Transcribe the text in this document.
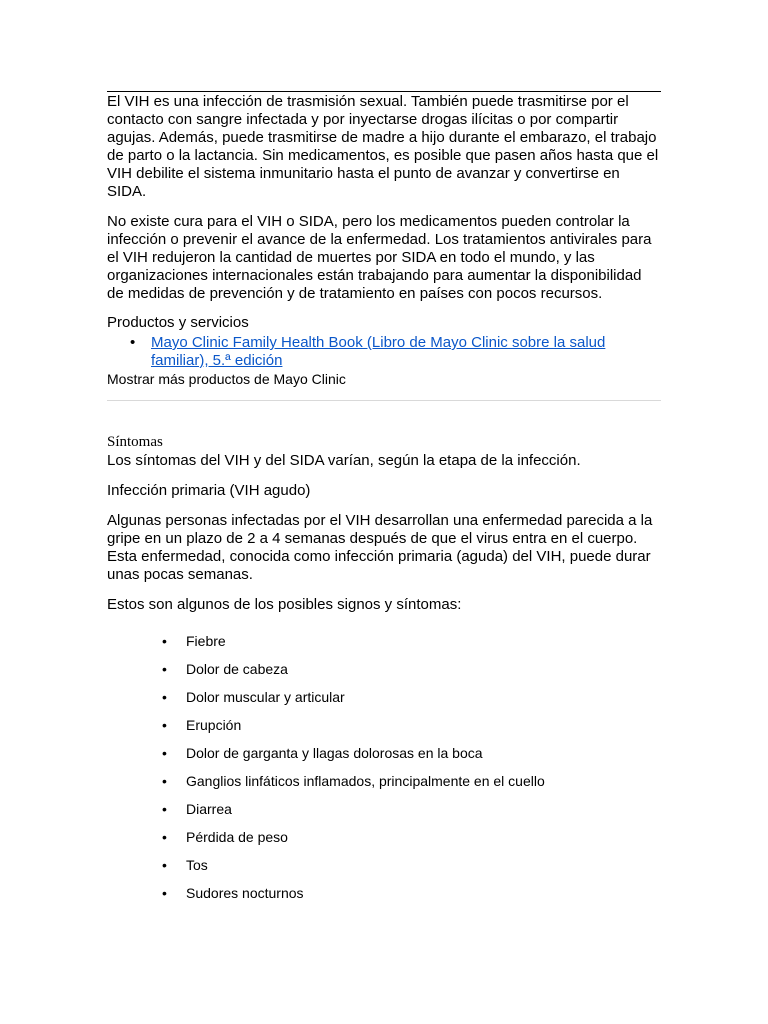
El VIH es una infección de trasmisión sexual. También puede trasmitirse por el contacto con sangre infectada y por inyectarse drogas ilícitas o por compartir agujas. Además, puede trasmitirse de madre a hijo durante el embarazo, el trabajo de parto o la lactancia. Sin medicamentos, es posible que pasen años hasta que el VIH debilite el sistema inmunitario hasta el punto de avanzar y convertirse en SIDA.

No existe cura para el VIH o SIDA, pero los medicamentos pueden controlar la infección o prevenir el avance de la enfermedad. Los tratamientos antivirales para el VIH redujeron la cantidad de muertes por SIDA en todo el mundo, y las organizaciones internacionales están trabajando para aumentar la disponibilidad de medidas de prevención y de tratamiento en países con pocos recursos.

Productos y servicios
• Mayo Clinic Family Health Book (Libro de Mayo Clinic sobre la salud familiar), 5.ª edición
Mostrar más productos de Mayo Clinic
Síntomas

Los síntomas del VIH y del SIDA varían, según la etapa de la infección.

Infección primaria (VIH agudo)

Algunas personas infectadas por el VIH desarrollan una enfermedad parecida a la gripe en un plazo de 2 a 4 semanas después de que el virus entra en el cuerpo. Esta enfermedad, conocida como infección primaria (aguda) del VIH, puede durar unas pocas semanas.

Estos son algunos de los posibles signos y síntomas:

• Fiebre
• Dolor de cabeza
• Dolor muscular y articular
• Erupción
• Dolor de garganta y llagas dolorosas en la boca
• Ganglios linfáticos inflamados, principalmente en el cuello
• Diarrea
• Pérdida de peso
• Tos
• Sudores nocturnos
